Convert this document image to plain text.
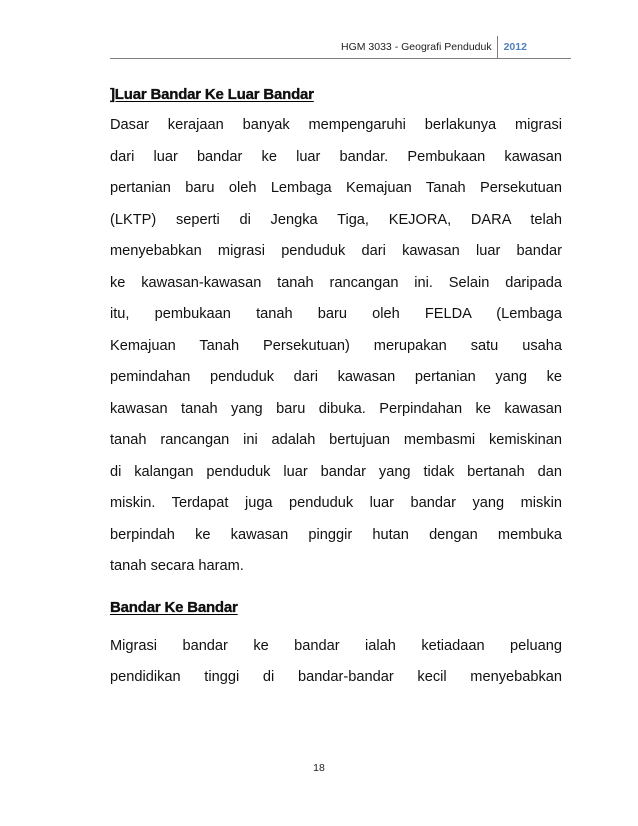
HGM 3033 - Geografi Penduduk	2012
]Luar Bandar Ke Luar Bandar

Dasar kerajaan banyak mempengaruhi berlakunya migrasi
dari luar bandar ke luar bandar. Pembukaan kawasan
pertanian baru oleh Lembaga Kemajuan Tanah Persekutuan
(LKTP) seperti di Jengka Tiga, KEJORA, DARA telah
menyebabkan migrasi penduduk dari kawasan luar bandar
ke kawasan-kawasan tanah rancangan ini. Selain daripada
itu, pembukaan tanah baru oleh FELDA (Lembaga
Kemajuan Tanah Persekutuan) merupakan satu usaha
pemindahan penduduk dari kawasan pertanian yang ke
kawasan tanah yang baru dibuka. Perpindahan ke kawasan
tanah rancangan ini adalah bertujuan membasmi kemiskinan
di kalangan penduduk luar bandar yang tidak bertanah dan
miskin. Terdapat juga penduduk luar bandar yang miskin
berpindah ke kawasan pinggir hutan dengan membuka
tanah secara haram.

Bandar Ke Bandar

Migrasi bandar ke bandar ialah ketiadaan peluang
pendidikan tinggi di bandar-bandar kecil menyebabkan

18
